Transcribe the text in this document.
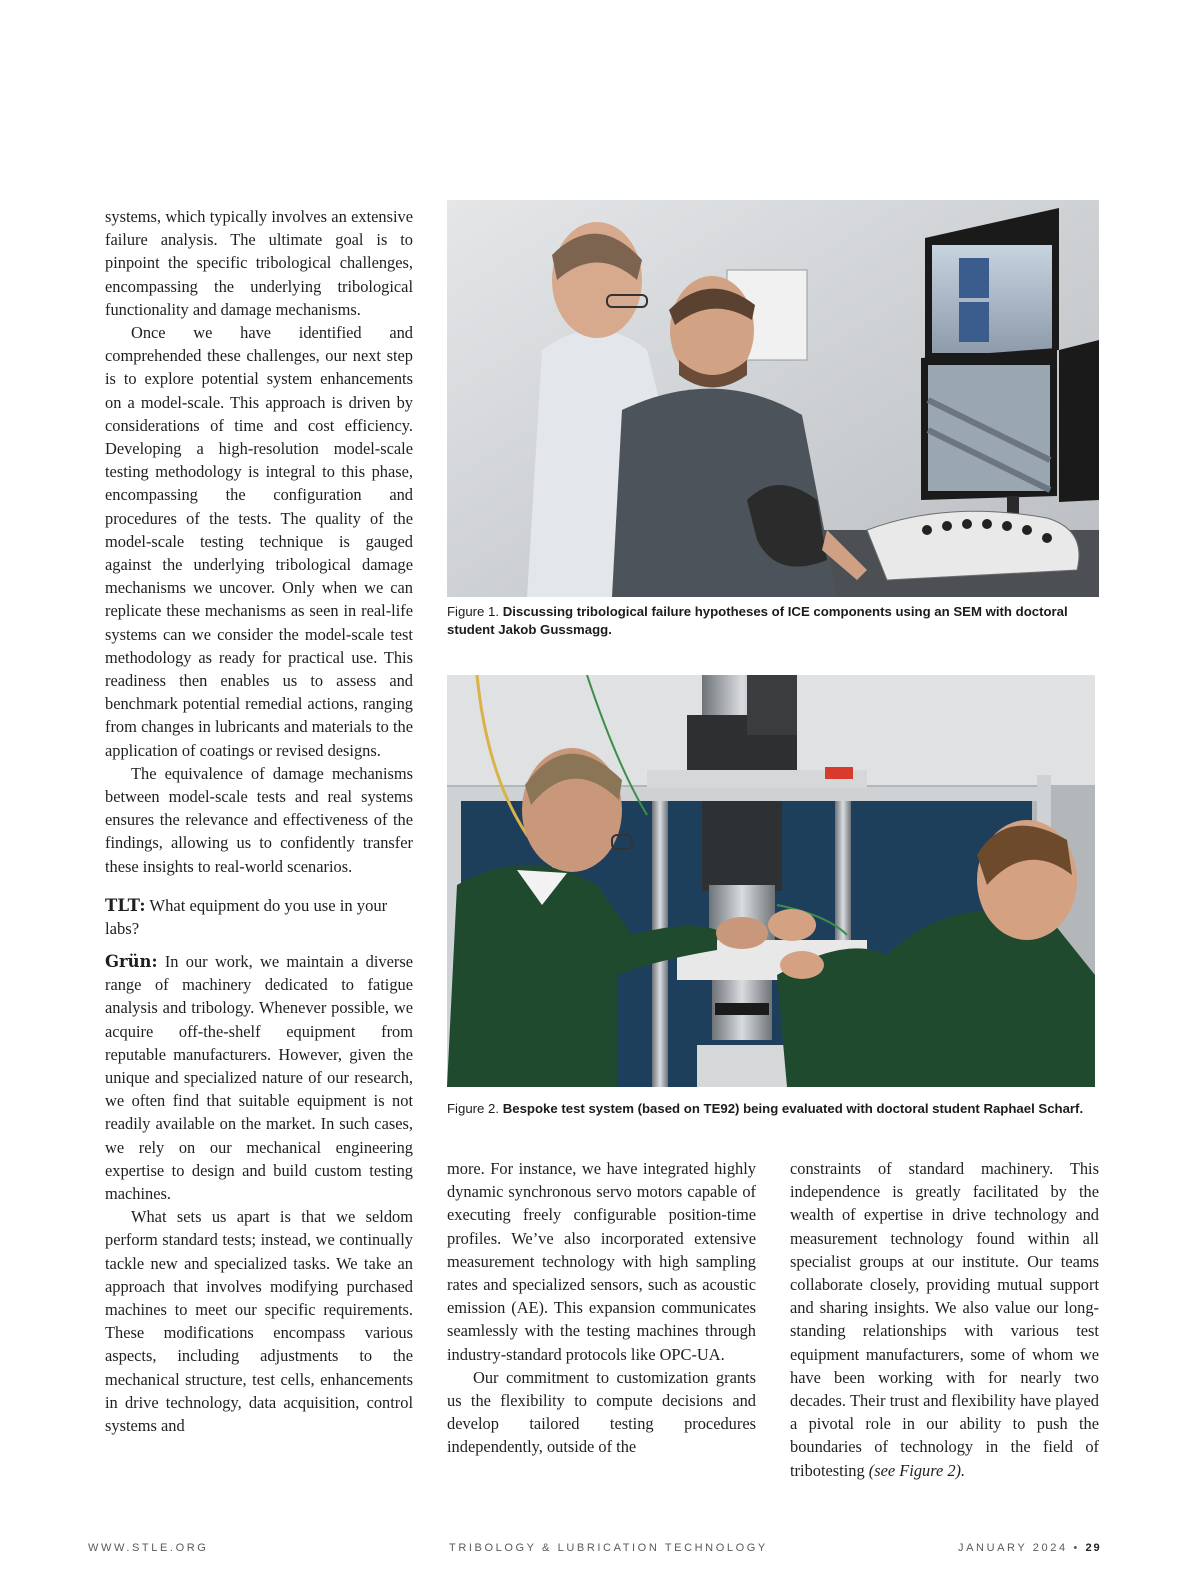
systems, which typically involves an extensive failure analysis. The ultimate goal is to pinpoint the specific tribological challenges, encompassing the underlying tribological functionality and damage mechanisms.

Once we have identified and comprehended these challenges, our next step is to explore potential system enhancements on a model-scale. This approach is driven by considerations of time and cost efficiency. Developing a high-resolution model-scale testing methodology is integral to this phase, encompassing the configuration and procedures of the tests. The quality of the model-scale testing technique is gauged against the underlying tribological damage mechanisms we uncover. Only when we can replicate these mechanisms as seen in real-life systems can we consider the model-scale test methodology as ready for practical use. This readiness then enables us to assess and benchmark potential remedial actions, ranging from changes in lubricants and materials to the application of coatings or revised designs.

The equivalence of damage mechanisms between model-scale tests and real systems ensures the relevance and effectiveness of the findings, allowing us to confidently transfer these insights to real-world scenarios.

TLT: What equipment do you use in your labs?

Grün: In our work, we maintain a diverse range of machinery dedicated to fatigue analysis and tribology. Whenever possible, we acquire off-the-shelf equipment from reputable manufacturers. However, given the unique and specialized nature of our research, we often find that suitable equipment is not readily available on the market. In such cases, we rely on our mechanical engineering expertise to design and build custom testing machines.

What sets us apart is that we seldom perform standard tests; instead, we continually tackle new and specialized tasks. We take an approach that involves modifying purchased machines to meet our specific requirements. These modifications encompass various aspects, including adjustments to the mechanical structure, test cells, enhancements in drive technology, data acquisition, control systems and

Figure 1. Discussing tribological failure hypotheses of ICE components using an SEM with doctoral student Jakob Gussmagg.
Figure 2. Bespoke test system (based on TE92) being evaluated with doctoral student Raphael Scharf.

more. For instance, we have integrated highly dynamic synchronous servo motors capable of executing freely configurable position-time profiles. We’ve also incorporated extensive measurement technology with high sampling rates and specialized sensors, such as acoustic emission (AE). This expansion communicates seamlessly with the testing machines through industry-standard protocols like OPC-UA.

Our commitment to customization grants us the flexibility to compute decisions and develop tailored testing procedures independently, outside of the

constraints of standard machinery. This independence is greatly facilitated by the wealth of expertise in drive technology and measurement technology found within all specialist groups at our institute. Our teams collaborate closely, providing mutual support and sharing insights. We also value our long-standing relationships with various test equipment manufacturers, some of whom we have been working with for nearly two decades. Their trust and flexibility have played a pivotal role in our ability to push the boundaries of technology in the field of tribotesting (see Figure 2).

WWW.STLE.ORG	TRIBOLOGY & LUBRICATION TECHNOLOGY	JANUARY 2024 • 29
